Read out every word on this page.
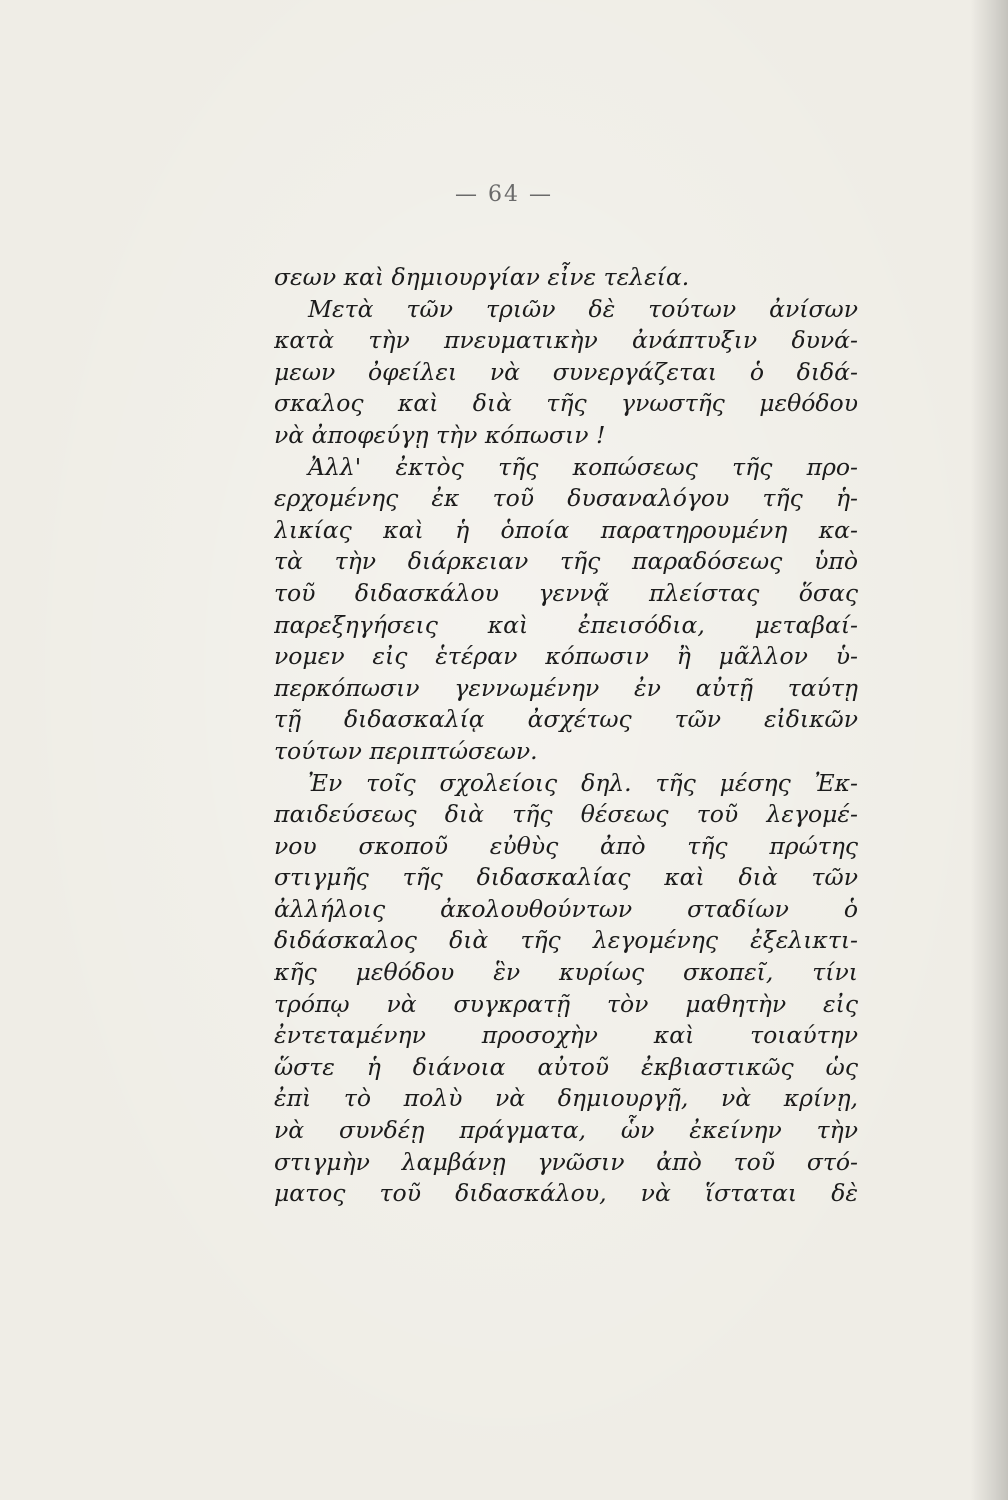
— 64 —
σεων καὶ δημιουργίαν εἶνε τελεία.
Μετὰ τῶν τριῶν δὲ τούτων ἀνίσων
κατὰ τὴν πνευματικὴν ἀνάπτυξιν δυνά-
μεων ὀφείλει νὰ συνεργάζεται ὁ διδά-
σκαλος καὶ διὰ τῆς γνωστῆς μεθόδου
νὰ ἀποφεύγῃ τὴν κόπωσιν !
Ἀλλ' ἐκτὸς τῆς κοπώσεως τῆς προ-
ερχομένης ἐκ τοῦ δυσαναλόγου τῆς ἡ-
λικίας καὶ ἡ ὁποία παρατηρουμένη κα-
τὰ τὴν διάρκειαν τῆς παραδόσεως ὑπὸ
τοῦ διδασκάλου γεννᾷ πλείστας ὅσας
παρεξηγήσεις καὶ ἐπεισόδια, μεταβαί-
νομεν εἰς ἑτέραν κόπωσιν ἢ μᾶλλον ὑ-
περκόπωσιν γεννωμένην ἐν αὐτῇ ταύτῃ
τῇ διδασκαλίᾳ ἀσχέτως τῶν εἰδικῶν
τούτων περιπτώσεων.
Ἐν τοῖς σχολείοις δηλ. τῆς μέσης Ἐκ-
παιδεύσεως διὰ τῆς θέσεως τοῦ λεγομέ-
νου σκοποῦ εὐθὺς ἀπὸ τῆς πρώτης
στιγμῆς τῆς διδασκαλίας καὶ διὰ τῶν
ἀλλήλοις ἀκολουθούντων σταδίων ὁ
διδάσκαλος διὰ τῆς λεγομένης ἐξελικτι-
κῆς μεθόδου ἓν κυρίως σκοπεῖ, τίνι
τρόπῳ νὰ συγκρατῇ τὸν μαθητὴν εἰς
ἐντεταμένην προσοχὴν καὶ τοιαύτην
ὥστε ἡ διάνοια αὐτοῦ ἐκβιαστικῶς ὡς
ἐπὶ τὸ πολὺ νὰ δημιουργῇ, νὰ κρίνῃ,
νὰ συνδέῃ πράγματα, ὧν ἐκείνην τὴν
στιγμὴν λαμβάνῃ γνῶσιν ἀπὸ τοῦ στό-
ματος τοῦ διδασκάλου, νὰ ἵσταται δὲ
